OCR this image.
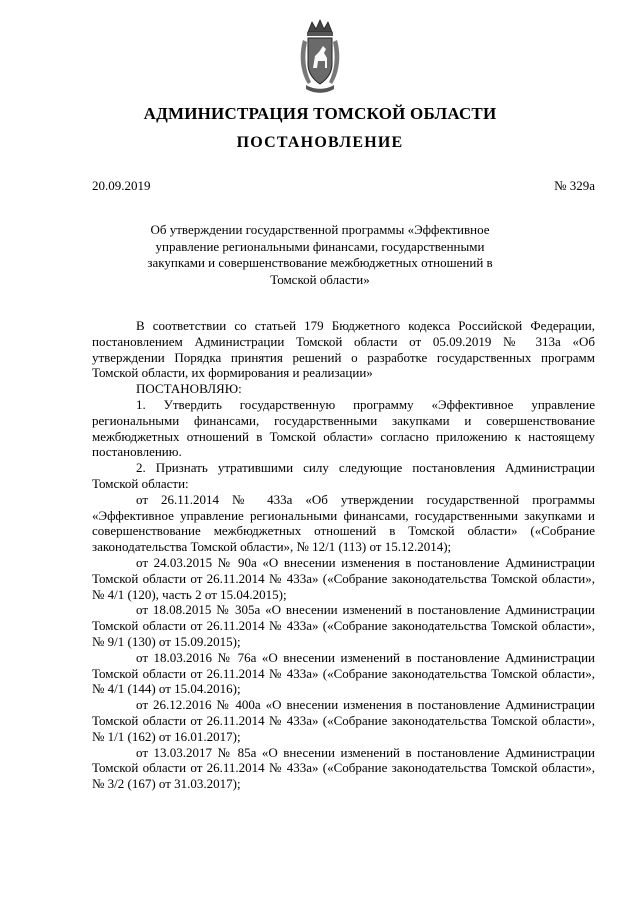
АДМИНИСТРАЦИЯ ТОМСКОЙ ОБЛАСТИ
ПОСТАНОВЛЕНИЕ
20.09.2019	№ 329а
Об утверждении государственной программы «Эффективное управление региональными финансами, государственными закупками и совершенствование межбюджетных отношений в Томской области»

В соответствии со статьей 179 Бюджетного кодекса Российской Федерации, постановлением Администрации Томской области от 05.09.2019 № 313а «Об утверждении Порядка принятия решений о разработке государственных программ Томской области, их формирования и реализации»

ПОСТАНОВЛЯЮ:

1. Утвердить государственную программу «Эффективное управление региональными финансами, государственными закупками и совершенствование межбюджетных отношений в Томской области» согласно приложению к настоящему постановлению.

2. Признать утратившими силу следующие постановления Администрации Томской области:

от 26.11.2014 № 433а «Об утверждении государственной программы «Эффективное управление региональными финансами, государственными закупками и совершенствование межбюджетных отношений в Томской области» («Собрание законодательства Томской области», № 12/1 (113) от 15.12.2014);

от 24.03.2015 № 90а «О внесении изменения в постановление Администрации Томской области от 26.11.2014 № 433а» («Собрание законодательства Томской области», № 4/1 (120), часть 2 от 15.04.2015);

от 18.08.2015 № 305а «О внесении изменений в постановление Администрации Томской области от 26.11.2014 № 433а» («Собрание законодательства Томской области», № 9/1 (130) от 15.09.2015);

от 18.03.2016 № 76а «О внесении изменений в постановление Администрации Томской области от 26.11.2014 № 433а» («Собрание законодательства Томской области», № 4/1 (144) от 15.04.2016);

от 26.12.2016 № 400а «О внесении изменения в постановление Администрации Томской области от 26.11.2014 № 433а» («Собрание законодательства Томской области», № 1/1 (162) от 16.01.2017);

от 13.03.2017 № 85а «О внесении изменений в постановление Администрации Томской области от 26.11.2014 № 433а» («Собрание законодательства Томской области», № 3/2 (167) от 31.03.2017);
